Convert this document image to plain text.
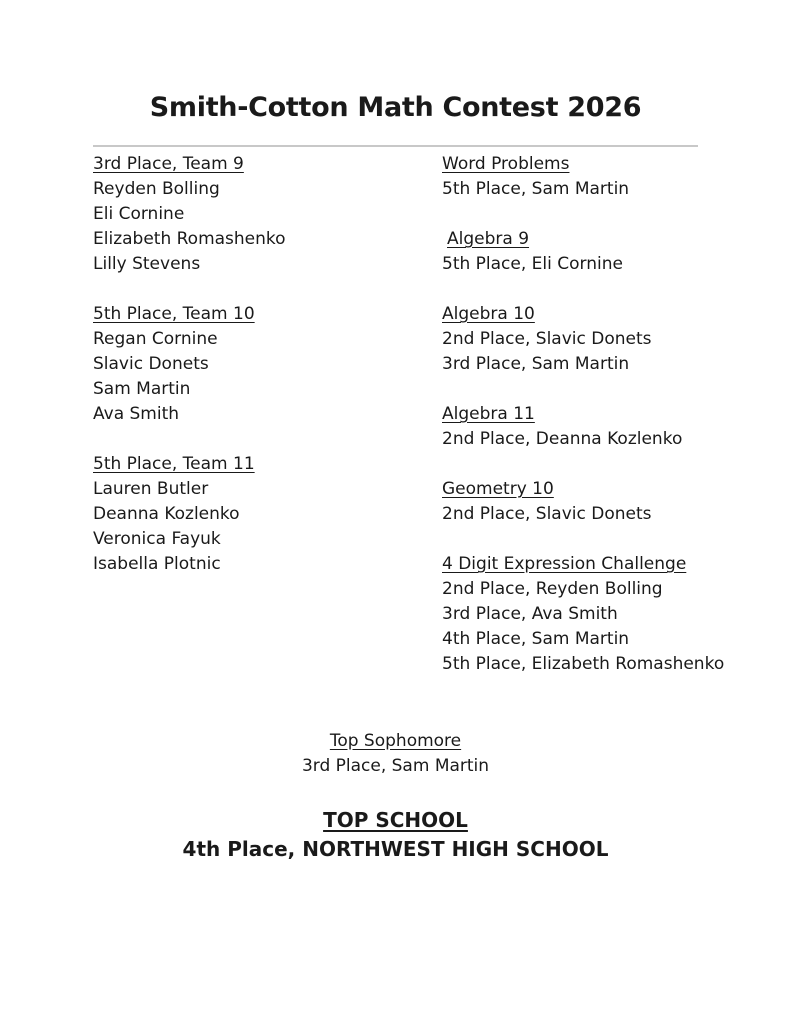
Smith-Cotton Math Contest 2026
3rd Place, Team 9
Reyden Bolling
Eli Cornine
Elizabeth Romashenko
Lilly Stevens
5th Place, Team 10
Regan Cornine
Slavic Donets
Sam Martin
Ava Smith
5th Place, Team 11
Lauren Butler
Deanna Kozlenko
Veronica Fayuk
Isabella Plotnic
Word Problems
5th Place, Sam Martin
Algebra 9
5th Place, Eli Cornine
Algebra 10
2nd Place, Slavic Donets
3rd Place, Sam Martin
Algebra 11
2nd Place, Deanna Kozlenko
Geometry 10
2nd Place, Slavic Donets
4 Digit Expression Challenge
2nd Place, Reyden Bolling
3rd Place, Ava Smith
4th Place, Sam Martin
5th Place, Elizabeth Romashenko
Top Sophomore
3rd Place, Sam Martin
TOP SCHOOL
4th Place, NORTHWEST HIGH SCHOOL
